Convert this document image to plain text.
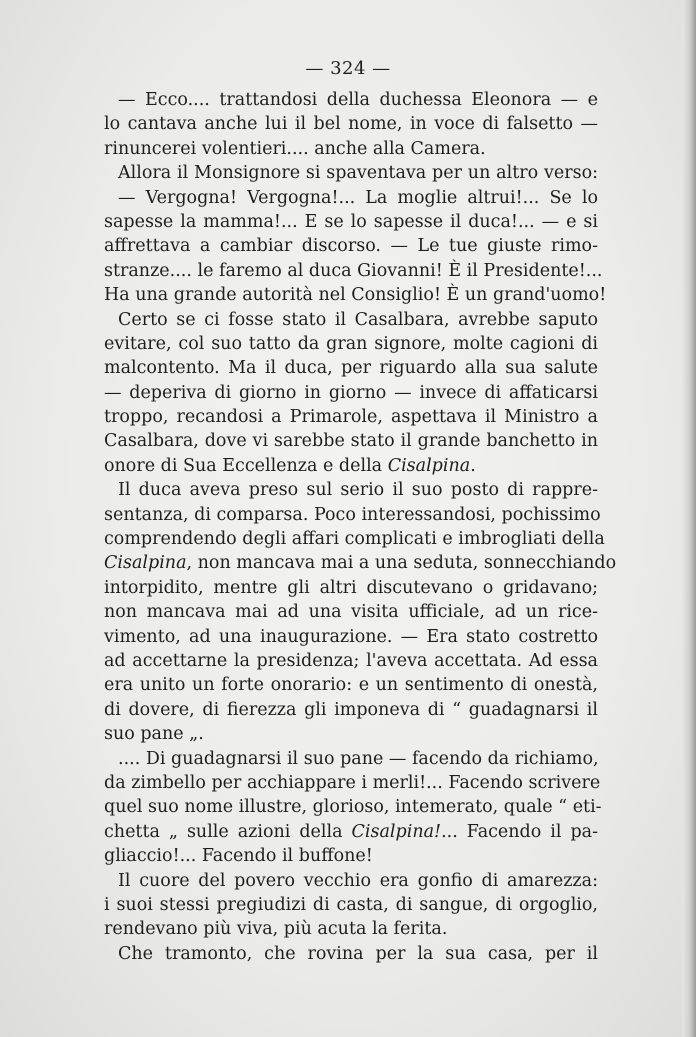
— 324 —
— Ecco.... trattandosi della duchessa Eleonora — e
lo cantava anche lui il bel nome, in voce di falsetto —
rinuncerei volentieri.... anche alla Camera.
Allora il Monsignore si spaventava per un altro verso:
— Vergogna! Vergogna!... La moglie altrui!... Se lo
sapesse la mamma!... E se lo sapesse il duca!... — e si
affrettava a cambiar discorso. — Le tue giuste rimo-
stranze.... le faremo al duca Giovanni! È il Presidente!...
Ha una grande autorità nel Consiglio! È un grand'uomo!
Certo se ci fosse stato il Casalbara, avrebbe saputo
evitare, col suo tatto da gran signore, molte cagioni di
malcontento. Ma il duca, per riguardo alla sua salute
— deperiva di giorno in giorno — invece di affaticarsi
troppo, recandosi a Primarole, aspettava il Ministro a
Casalbara, dove vi sarebbe stato il grande banchetto in
onore di Sua Eccellenza e della Cisalpina.
Il duca aveva preso sul serio il suo posto di rappre-
sentanza, di comparsa. Poco interessandosi, pochissimo
comprendendo degli affari complicati e imbrogliati della
Cisalpina, non mancava mai a una seduta, sonnecchiando
intorpidito, mentre gli altri discutevano o gridavano;
non mancava mai ad una visita ufficiale, ad un rice-
vimento, ad una inaugurazione. — Era stato costretto
ad accettarne la presidenza; l'aveva accettata. Ad essa
era unito un forte onorario: e un sentimento di onestà,
di dovere, di fierezza gli imponeva di “ guadagnarsi il
suo pane „.
.... Di guadagnarsi il suo pane — facendo da richiamo,
da zimbello per acchiappare i merli!... Facendo scrivere
quel suo nome illustre, glorioso, intemerato, quale “ eti-
chetta „ sulle azioni della Cisalpina!... Facendo il pa-
gliaccio!... Facendo il buffone!
Il cuore del povero vecchio era gonfio di amarezza:
i suoi stessi pregiudizi di casta, di sangue, di orgoglio,
rendevano più viva, più acuta la ferita.
Che tramonto, che rovina per la sua casa, per il
